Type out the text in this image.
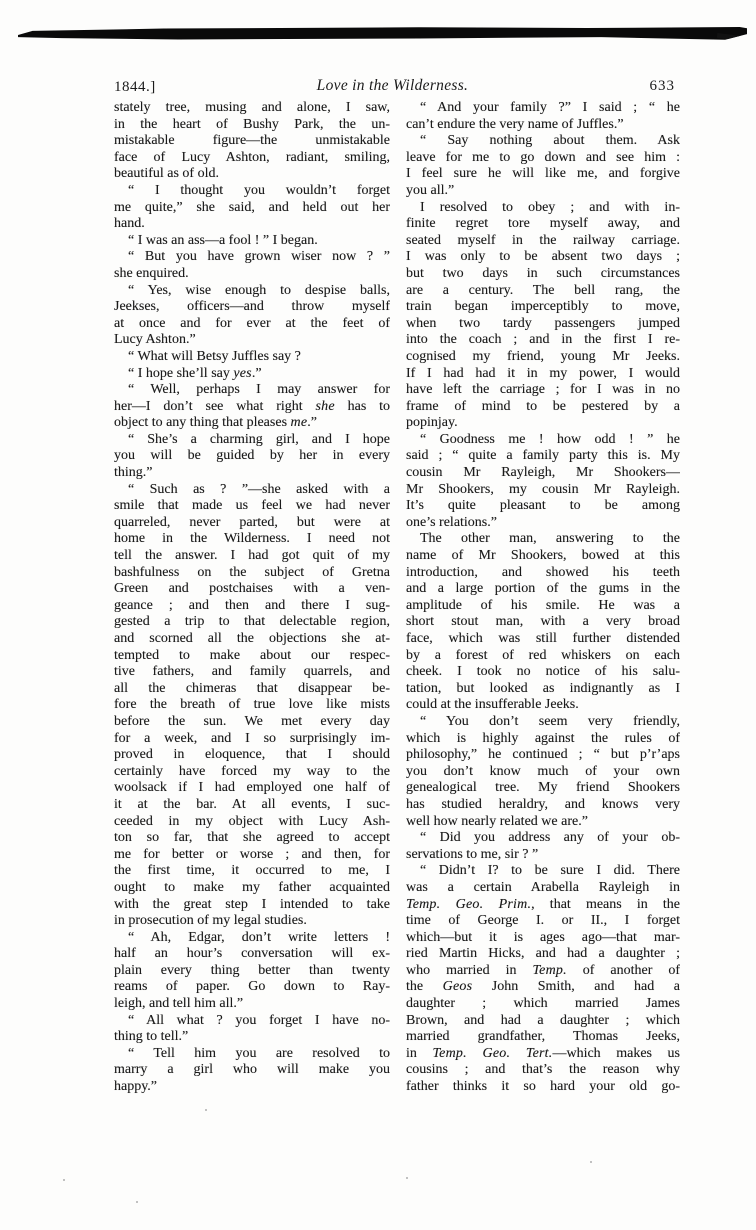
1844.]	Love in the Wilderness.	633
stately tree, musing and alone, I saw,
in the heart of Bushy Park, the un-
mistakable figure—the unmistakable
face of Lucy Ashton, radiant, smiling,
beautiful as of old.
“ I thought you wouldn’t forget
me quite,” she said, and held out her
hand.
“ I was an ass—a fool ! ” I began.
“ But you have grown wiser now ? ”
she enquired.
“ Yes, wise enough to despise balls,
Jeekses, officers—and throw myself
at once and for ever at the feet of
Lucy Ashton.”
“ What will Betsy Juffles say ?
“ I hope she’ll say yes.”
“ Well, perhaps I may answer for
her—I don’t see what right she has to
object to any thing that pleases me.”
“ She’s a charming girl, and I hope
you will be guided by her in every
thing.”
“ Such as ? ”—she asked with a
smile that made us feel we had never
quarreled, never parted, but were at
home in the Wilderness. I need not
tell the answer. I had got quit of my
bashfulness on the subject of Gretna
Green and postchaises with a ven-
geance ; and then and there I sug-
gested a trip to that delectable region,
and scorned all the objections she at-
tempted to make about our respec-
tive fathers, and family quarrels, and
all the chimeras that disappear be-
fore the breath of true love like mists
before the sun. We met every day
for a week, and I so surprisingly im-
proved in eloquence, that I should
certainly have forced my way to the
woolsack if I had employed one half of
it at the bar. At all events, I suc-
ceeded in my object with Lucy Ash-
ton so far, that she agreed to accept
me for better or worse ; and then, for
the first time, it occurred to me, I
ought to make my father acquainted
with the great step I intended to take
in prosecution of my legal studies.
“ Ah, Edgar, don’t write letters !
half an hour’s conversation will ex-
plain every thing better than twenty
reams of paper. Go down to Ray-
leigh, and tell him all.”
“ All what ? you forget I have no-
thing to tell.”
“ Tell him you are resolved to
marry a girl who will make you
happy.”
“ And your family ?” I said ; “ he
can’t endure the very name of Juffles.”
“ Say nothing about them. Ask
leave for me to go down and see him :
I feel sure he will like me, and forgive
you all.”
I resolved to obey ; and with in-
finite regret tore myself away, and
seated myself in the railway carriage.
I was only to be absent two days ;
but two days in such circumstances
are a century. The bell rang, the
train began imperceptibly to move,
when two tardy passengers jumped
into the coach ; and in the first I re-
cognised my friend, young Mr Jeeks.
If I had had it in my power, I would
have left the carriage ; for I was in no
frame of mind to be pestered by a
popinjay.
“ Goodness me ! how odd ! ” he
said ; “ quite a family party this is. My
cousin Mr Rayleigh, Mr Shookers—
Mr Shookers, my cousin Mr Rayleigh.
It’s quite pleasant to be among
one’s relations.”
The other man, answering to the
name of Mr Shookers, bowed at this
introduction, and showed his teeth
and a large portion of the gums in the
amplitude of his smile. He was a
short stout man, with a very broad
face, which was still further distended
by a forest of red whiskers on each
cheek. I took no notice of his salu-
tation, but looked as indignantly as I
could at the insufferable Jeeks.
“ You don’t seem very friendly,
which is highly against the rules of
philosophy,” he continued ; “ but p’r’aps
you don’t know much of your own
genealogical tree. My friend Shookers
has studied heraldry, and knows very
well how nearly related we are.”
“ Did you address any of your ob-
servations to me, sir ? ”
“ Didn’t I? to be sure I did. There
was a certain Arabella Rayleigh in
Temp. Geo. Prim., that means in the
time of George I. or II., I forget
which—but it is ages ago—that mar-
ried Martin Hicks, and had a daughter ;
who married in Temp. of another of
the Geos John Smith, and had a
daughter ; which married James
Brown, and had a daughter ; which
married grandfather, Thomas Jeeks,
in Temp. Geo. Tert.—which makes us
cousins ; and that’s the reason why
father thinks it so hard your old go-
